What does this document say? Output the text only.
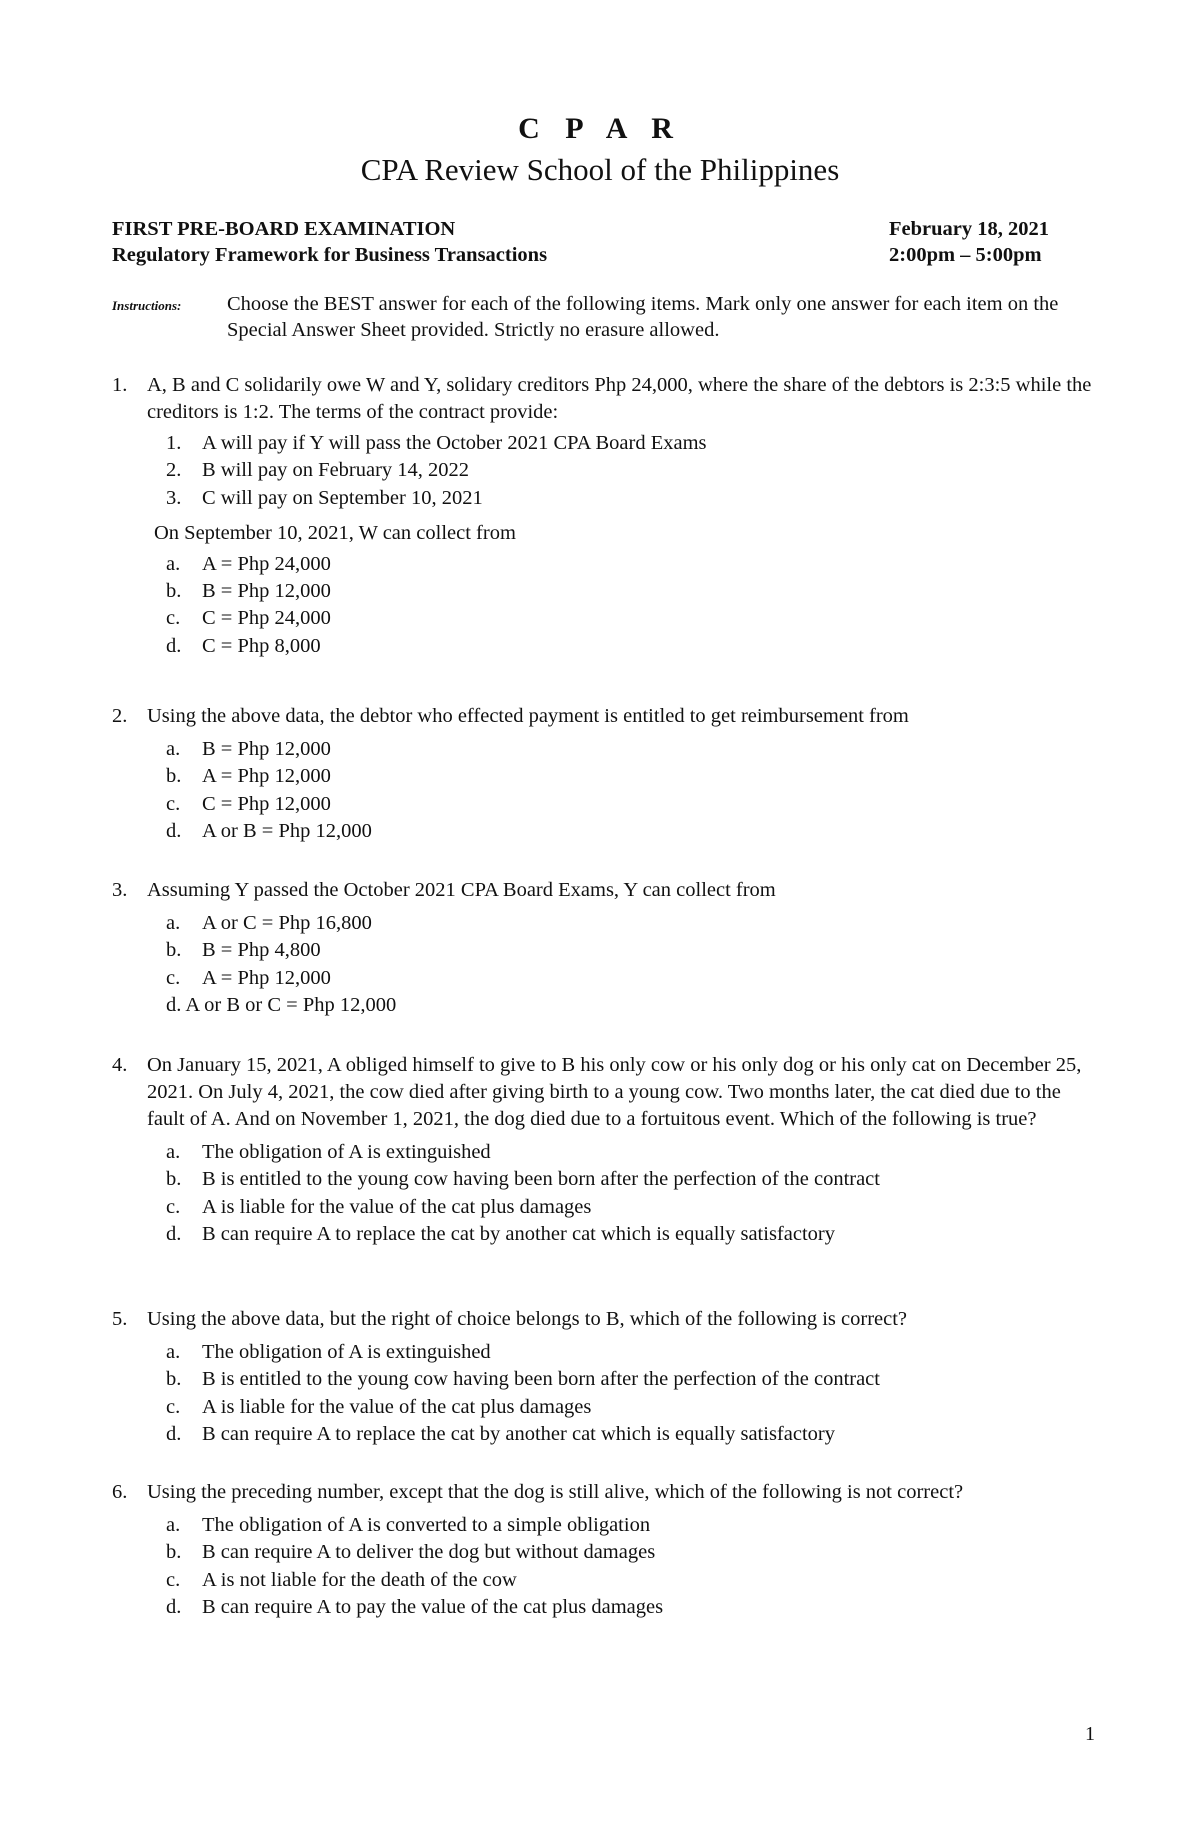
C P A R
CPA Review School of the Philippines
FIRST PRE-BOARD EXAMINATION	February 18, 2021
Regulatory Framework for Business Transactions	2:00pm – 5:00pm
Instructions: Choose the BEST answer for each of the following items. Mark only one answer for each item on the Special Answer Sheet provided. Strictly no erasure allowed.
1. A, B and C solidarily owe W and Y, solidary creditors Php 24,000, where the share of the debtors is 2:3:5 while the creditors is 1:2. The terms of the contract provide:
1. A will pay if Y will pass the October 2021 CPA Board Exams
2. B will pay on February 14, 2022
3. C will pay on September 10, 2021
On September 10, 2021, W can collect from
a. A = Php 24,000
b. B = Php 12,000
c. C = Php 24,000
d. C = Php 8,000
2. Using the above data, the debtor who effected payment is entitled to get reimbursement from
a. B = Php 12,000
b. A = Php 12,000
c. C = Php 12,000
d. A or B = Php 12,000
3. Assuming Y passed the October 2021 CPA Board Exams, Y can collect from
a. A or C = Php 16,800
b. B = Php 4,800
c. A = Php 12,000
d. A or B or C = Php 12,000
4. On January 15, 2021, A obliged himself to give to B his only cow or his only dog or his only cat on December 25, 2021. On July 4, 2021, the cow died after giving birth to a young cow. Two months later, the cat died due to the fault of A. And on November 1, 2021, the dog died due to a fortuitous event. Which of the following is true?
a. The obligation of A is extinguished
b. B is entitled to the young cow having been born after the perfection of the contract
c. A is liable for the value of the cat plus damages
d. B can require A to replace the cat by another cat which is equally satisfactory
5. Using the above data, but the right of choice belongs to B, which of the following is correct?
a. The obligation of A is extinguished
b. B is entitled to the young cow having been born after the perfection of the contract
c. A is liable for the value of the cat plus damages
d. B can require A to replace the cat by another cat which is equally satisfactory
6. Using the preceding number, except that the dog is still alive, which of the following is not correct?
a. The obligation of A is converted to a simple obligation
b. B can require A to deliver the dog but without damages
c. A is not liable for the death of the cow
d. B can require A to pay the value of the cat plus damages
1
